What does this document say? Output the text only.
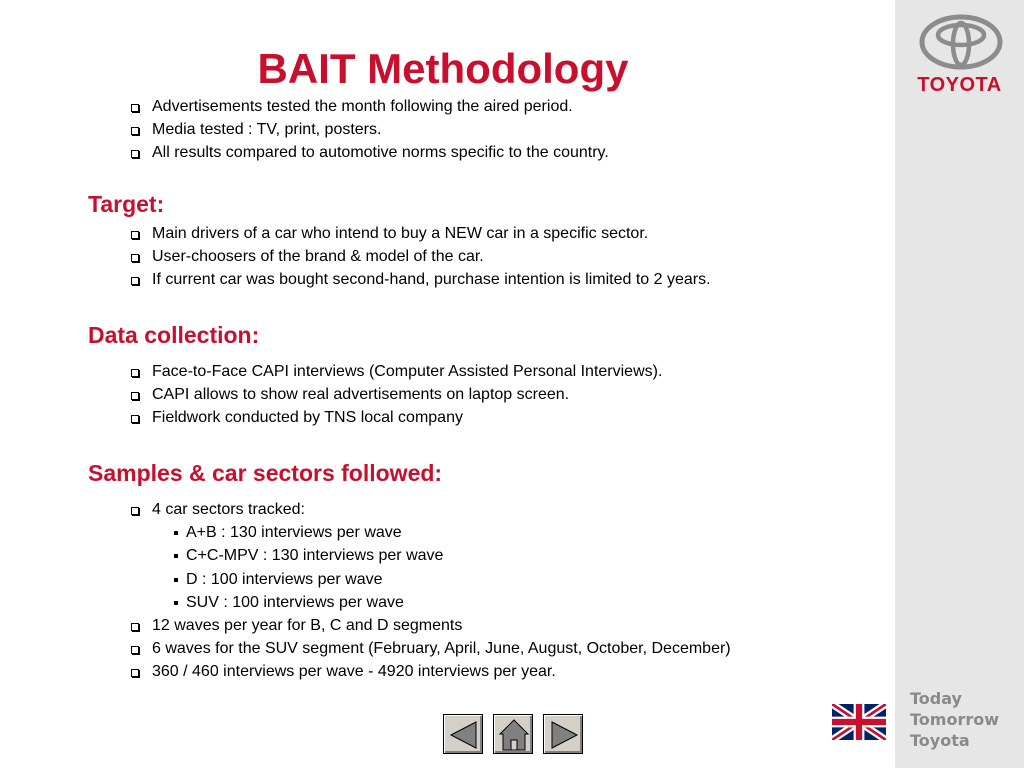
TOYOTA
BAIT Methodology
Advertisements tested the month following the aired period.
Media tested : TV, print, posters.
All results compared to automotive norms specific to the country.
Target:
Main drivers of a car who intend to buy a NEW car in a specific sector.
User-choosers of the brand & model of the car.
If current car was bought second-hand, purchase intention is limited to 2 years.
Data collection:
Face-to-Face CAPI interviews (Computer Assisted Personal Interviews).
CAPI allows to show real advertisements on laptop screen.
Fieldwork conducted by TNS local company
Samples & car sectors followed:
4 car sectors tracked:
A+B : 130 interviews per wave
C+C-MPV : 130 interviews per wave
D : 100 interviews per wave
SUV : 100 interviews per wave
12 waves per year for B, C and D segments
6 waves for the SUV segment (February, April, June, August, October, December)
360 / 460 interviews per wave - 4920 interviews per year.
Today
Tomorrow
Toyota
